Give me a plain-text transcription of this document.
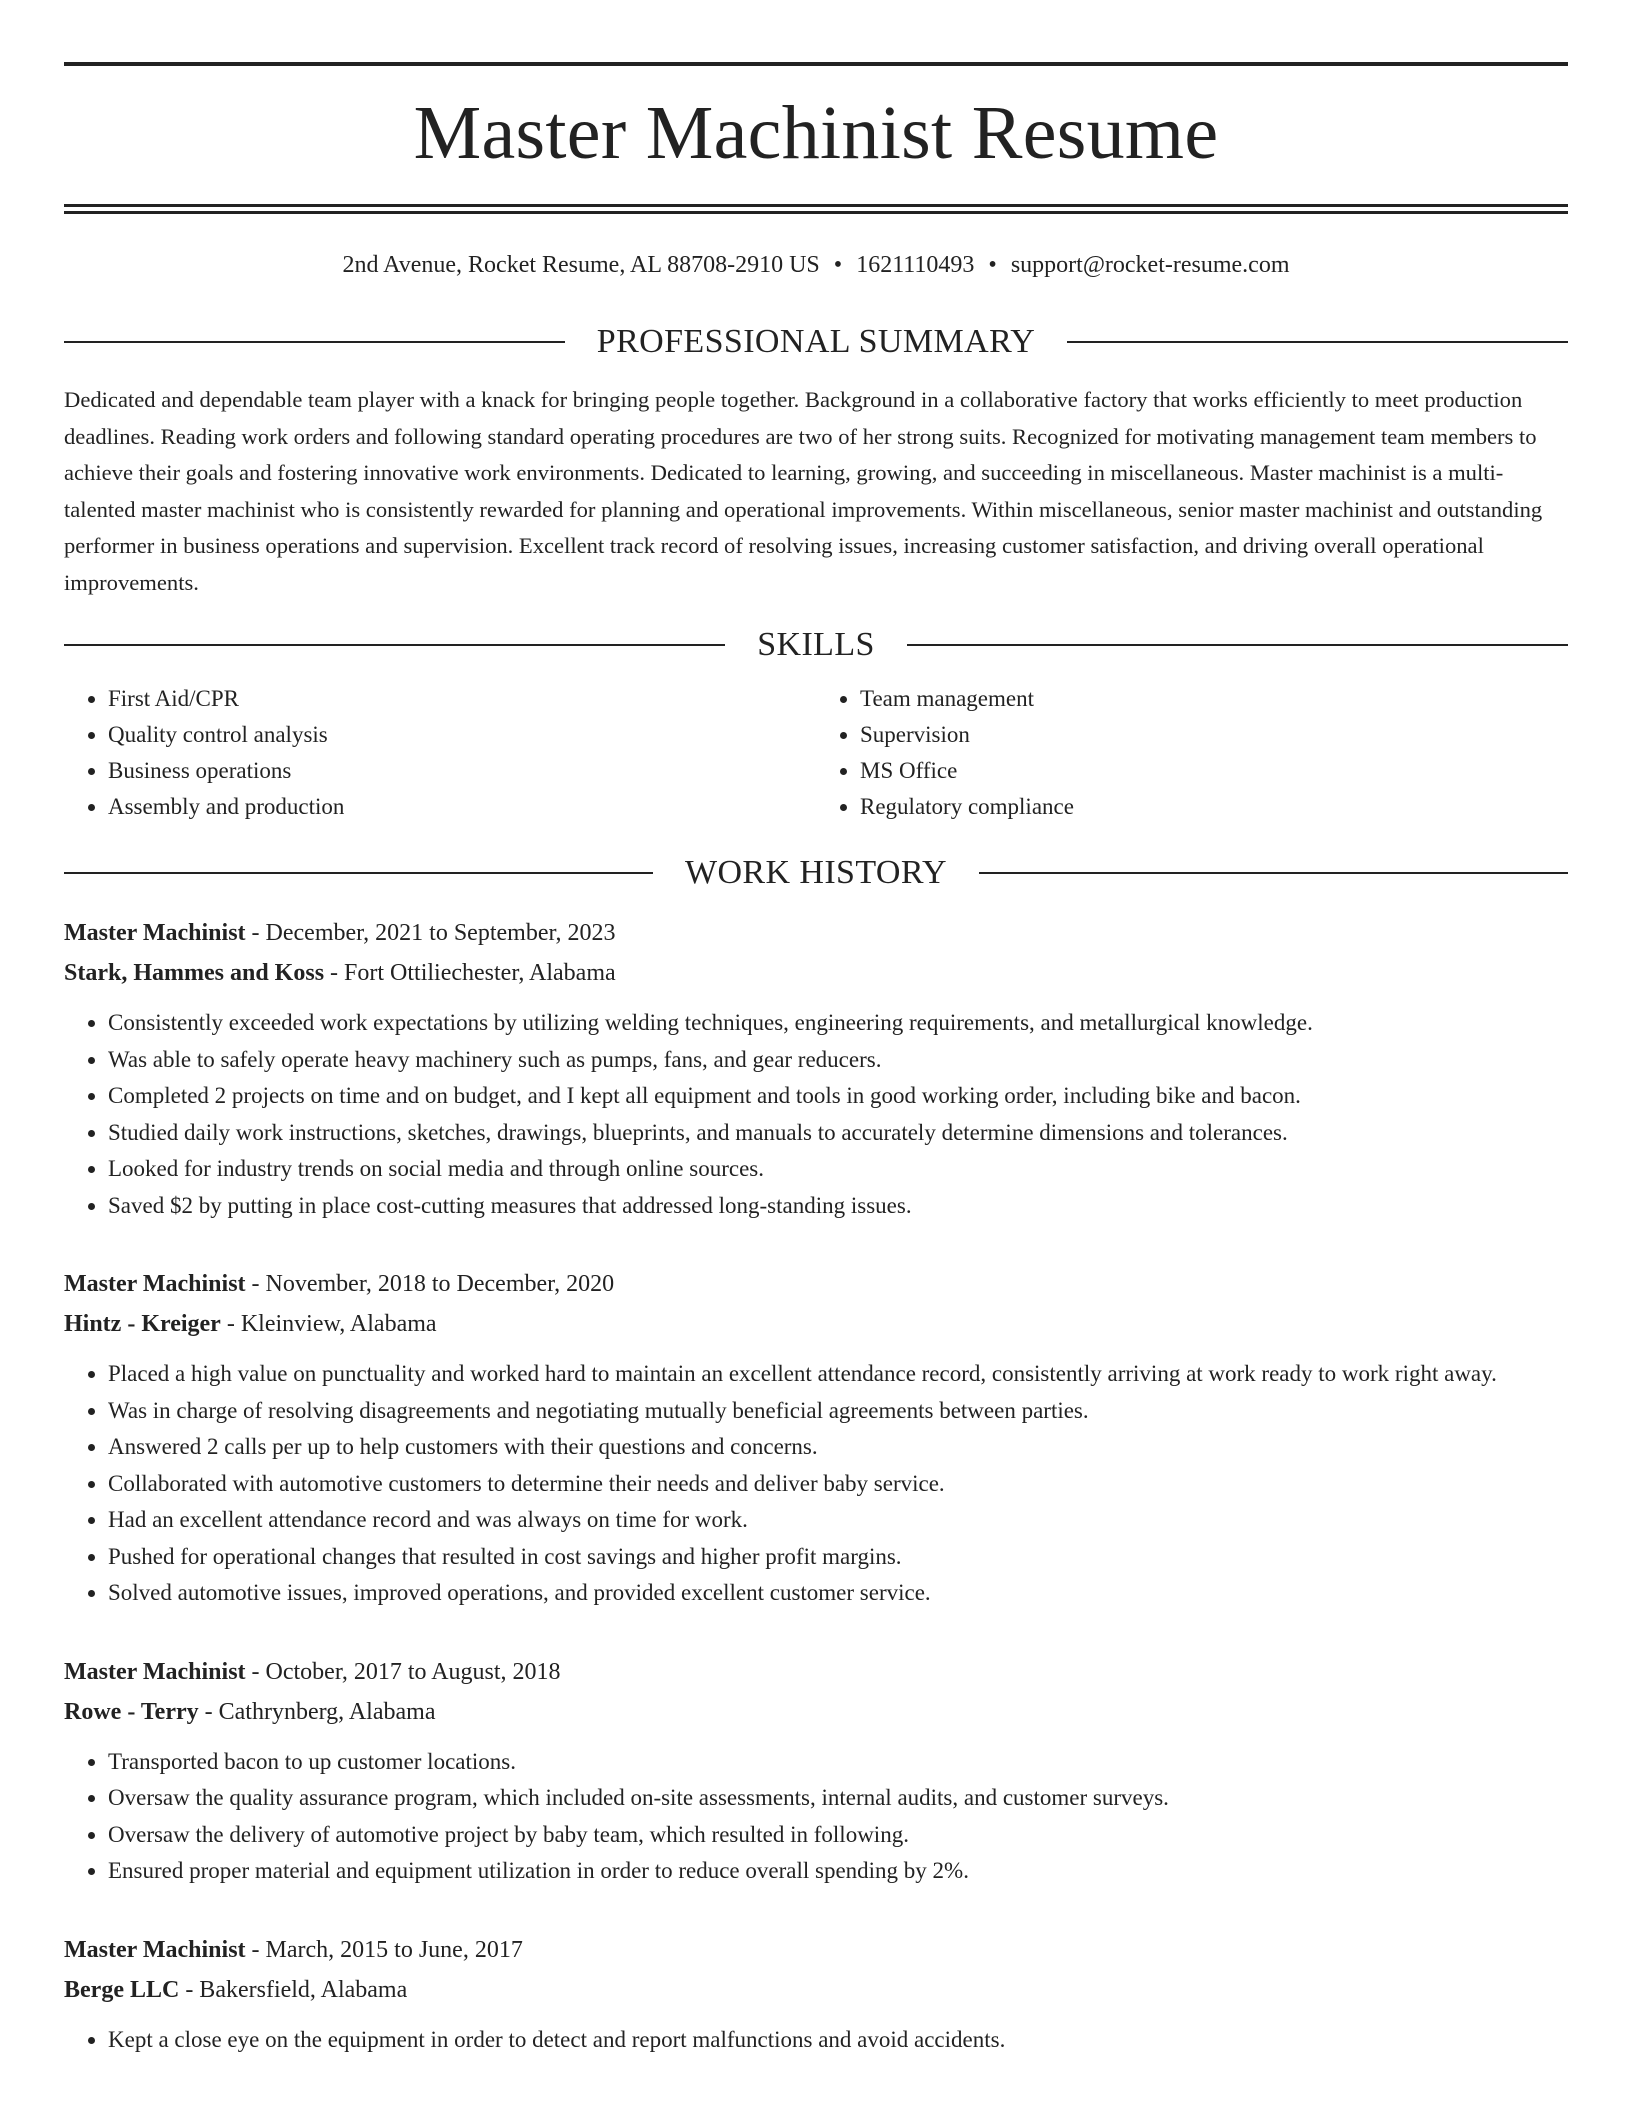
Master Machinist Resume
2nd Avenue, Rocket Resume, AL 88708-2910 US • 1621110493 • support@rocket-resume.com
PROFESSIONAL SUMMARY

Dedicated and dependable team player with a knack for bringing people together. Background in a collaborative factory that works efficiently to meet production deadlines. Reading work orders and following standard operating procedures are two of her strong suits. Recognized for motivating management team members to achieve their goals and fostering innovative work environments. Dedicated to learning, growing, and succeeding in miscellaneous. Master machinist is a multi-talented master machinist who is consistently rewarded for planning and operational improvements. Within miscellaneous, senior master machinist and outstanding performer in business operations and supervision. Excellent track record of resolving issues, increasing customer satisfaction, and driving overall operational improvements.

SKILLS
• First Aid/CPR
• Quality control analysis
• Business operations
• Assembly and production
• Team management
• Supervision
• MS Office
• Regulatory compliance
WORK HISTORY
Master Machinist - December, 2021 to September, 2023
Stark, Hammes and Koss - Fort Ottiliechester, Alabama
• Consistently exceeded work expectations by utilizing welding techniques, engineering requirements, and metallurgical knowledge.
• Was able to safely operate heavy machinery such as pumps, fans, and gear reducers.
• Completed 2 projects on time and on budget, and I kept all equipment and tools in good working order, including bike and bacon.
• Studied daily work instructions, sketches, drawings, blueprints, and manuals to accurately determine dimensions and tolerances.
• Looked for industry trends on social media and through online sources.
• Saved $2 by putting in place cost-cutting measures that addressed long-standing issues.
Master Machinist - November, 2018 to December, 2020
Hintz - Kreiger - Kleinview, Alabama
• Placed a high value on punctuality and worked hard to maintain an excellent attendance record, consistently arriving at work ready to work right away.
• Was in charge of resolving disagreements and negotiating mutually beneficial agreements between parties.
• Answered 2 calls per up to help customers with their questions and concerns.
• Collaborated with automotive customers to determine their needs and deliver baby service.
• Had an excellent attendance record and was always on time for work.
• Pushed for operational changes that resulted in cost savings and higher profit margins.
• Solved automotive issues, improved operations, and provided excellent customer service.
Master Machinist - October, 2017 to August, 2018
Rowe - Terry - Cathrynberg, Alabama
• Transported bacon to up customer locations.
• Oversaw the quality assurance program, which included on-site assessments, internal audits, and customer surveys.
• Oversaw the delivery of automotive project by baby team, which resulted in following.
• Ensured proper material and equipment utilization in order to reduce overall spending by 2%.
Master Machinist - March, 2015 to June, 2017
Berge LLC - Bakersfield, Alabama
• Kept a close eye on the equipment in order to detect and report malfunctions and avoid accidents.
